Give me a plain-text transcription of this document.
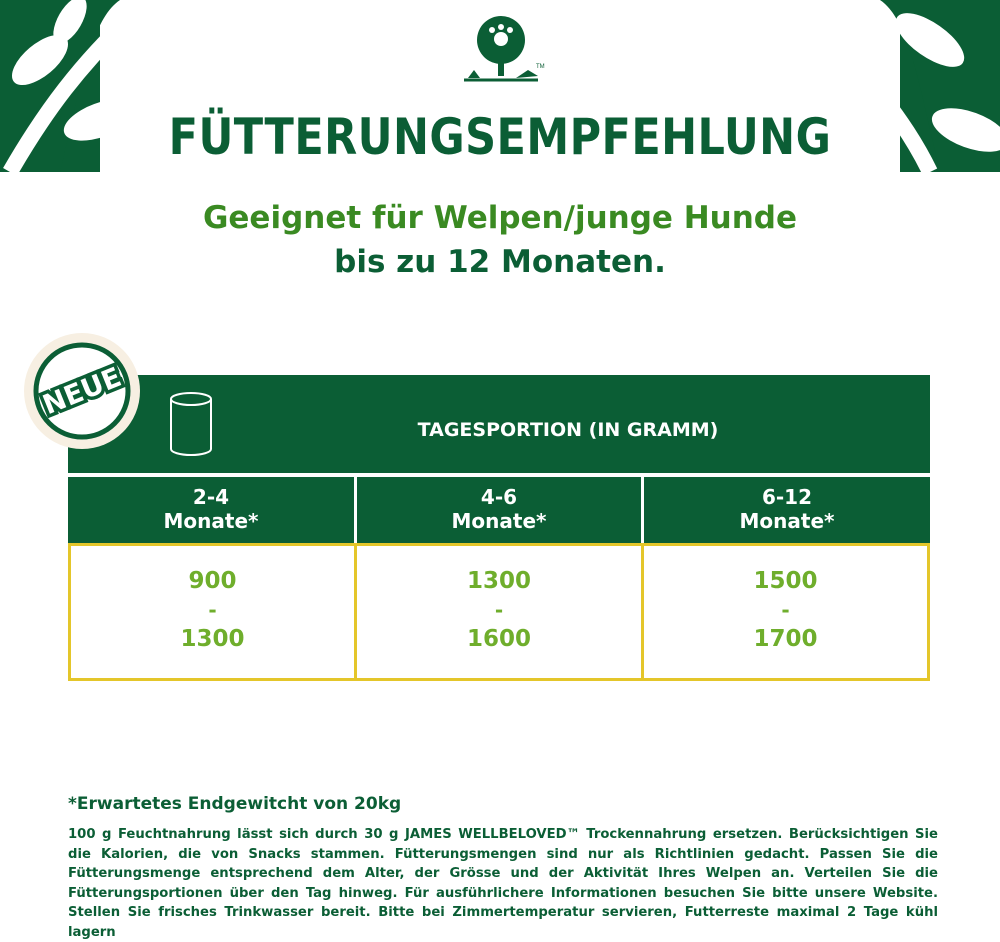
TM
FÜTTERUNGSEMPFEHLUNG
Geeignet für Welpen/junge Hunde
bis zu 12 Monaten.
TAGESPORTION (IN GRAMM)
2-4
Monate*
4-6
Monate*
6-12
Monate*
900
-
1300
1300
-
1600
1500
-
1700
NEUE
*Erwartetes Endgewitcht von 20kg
100 g Feuchtnahrung lässt sich durch 30 g JAMES WELLBELOVED™ Trockennahrung ersetzen. Berücksichtigen Sie die Kalorien, die von Snacks stammen. Fütterungsmengen sind nur als Richtlinien gedacht. Passen Sie die Fütterungsmenge entsprechend dem Alter, der Grösse und der Aktivität Ihres Welpen an. Verteilen Sie die Fütterungsportionen über den Tag hinweg. Für ausführlichere Informationen besuchen Sie bitte unsere Website. Stellen Sie frisches Trinkwasser bereit. Bitte bei Zimmertemperatur servieren, Futterreste maximal 2 Tage kühl lagern
